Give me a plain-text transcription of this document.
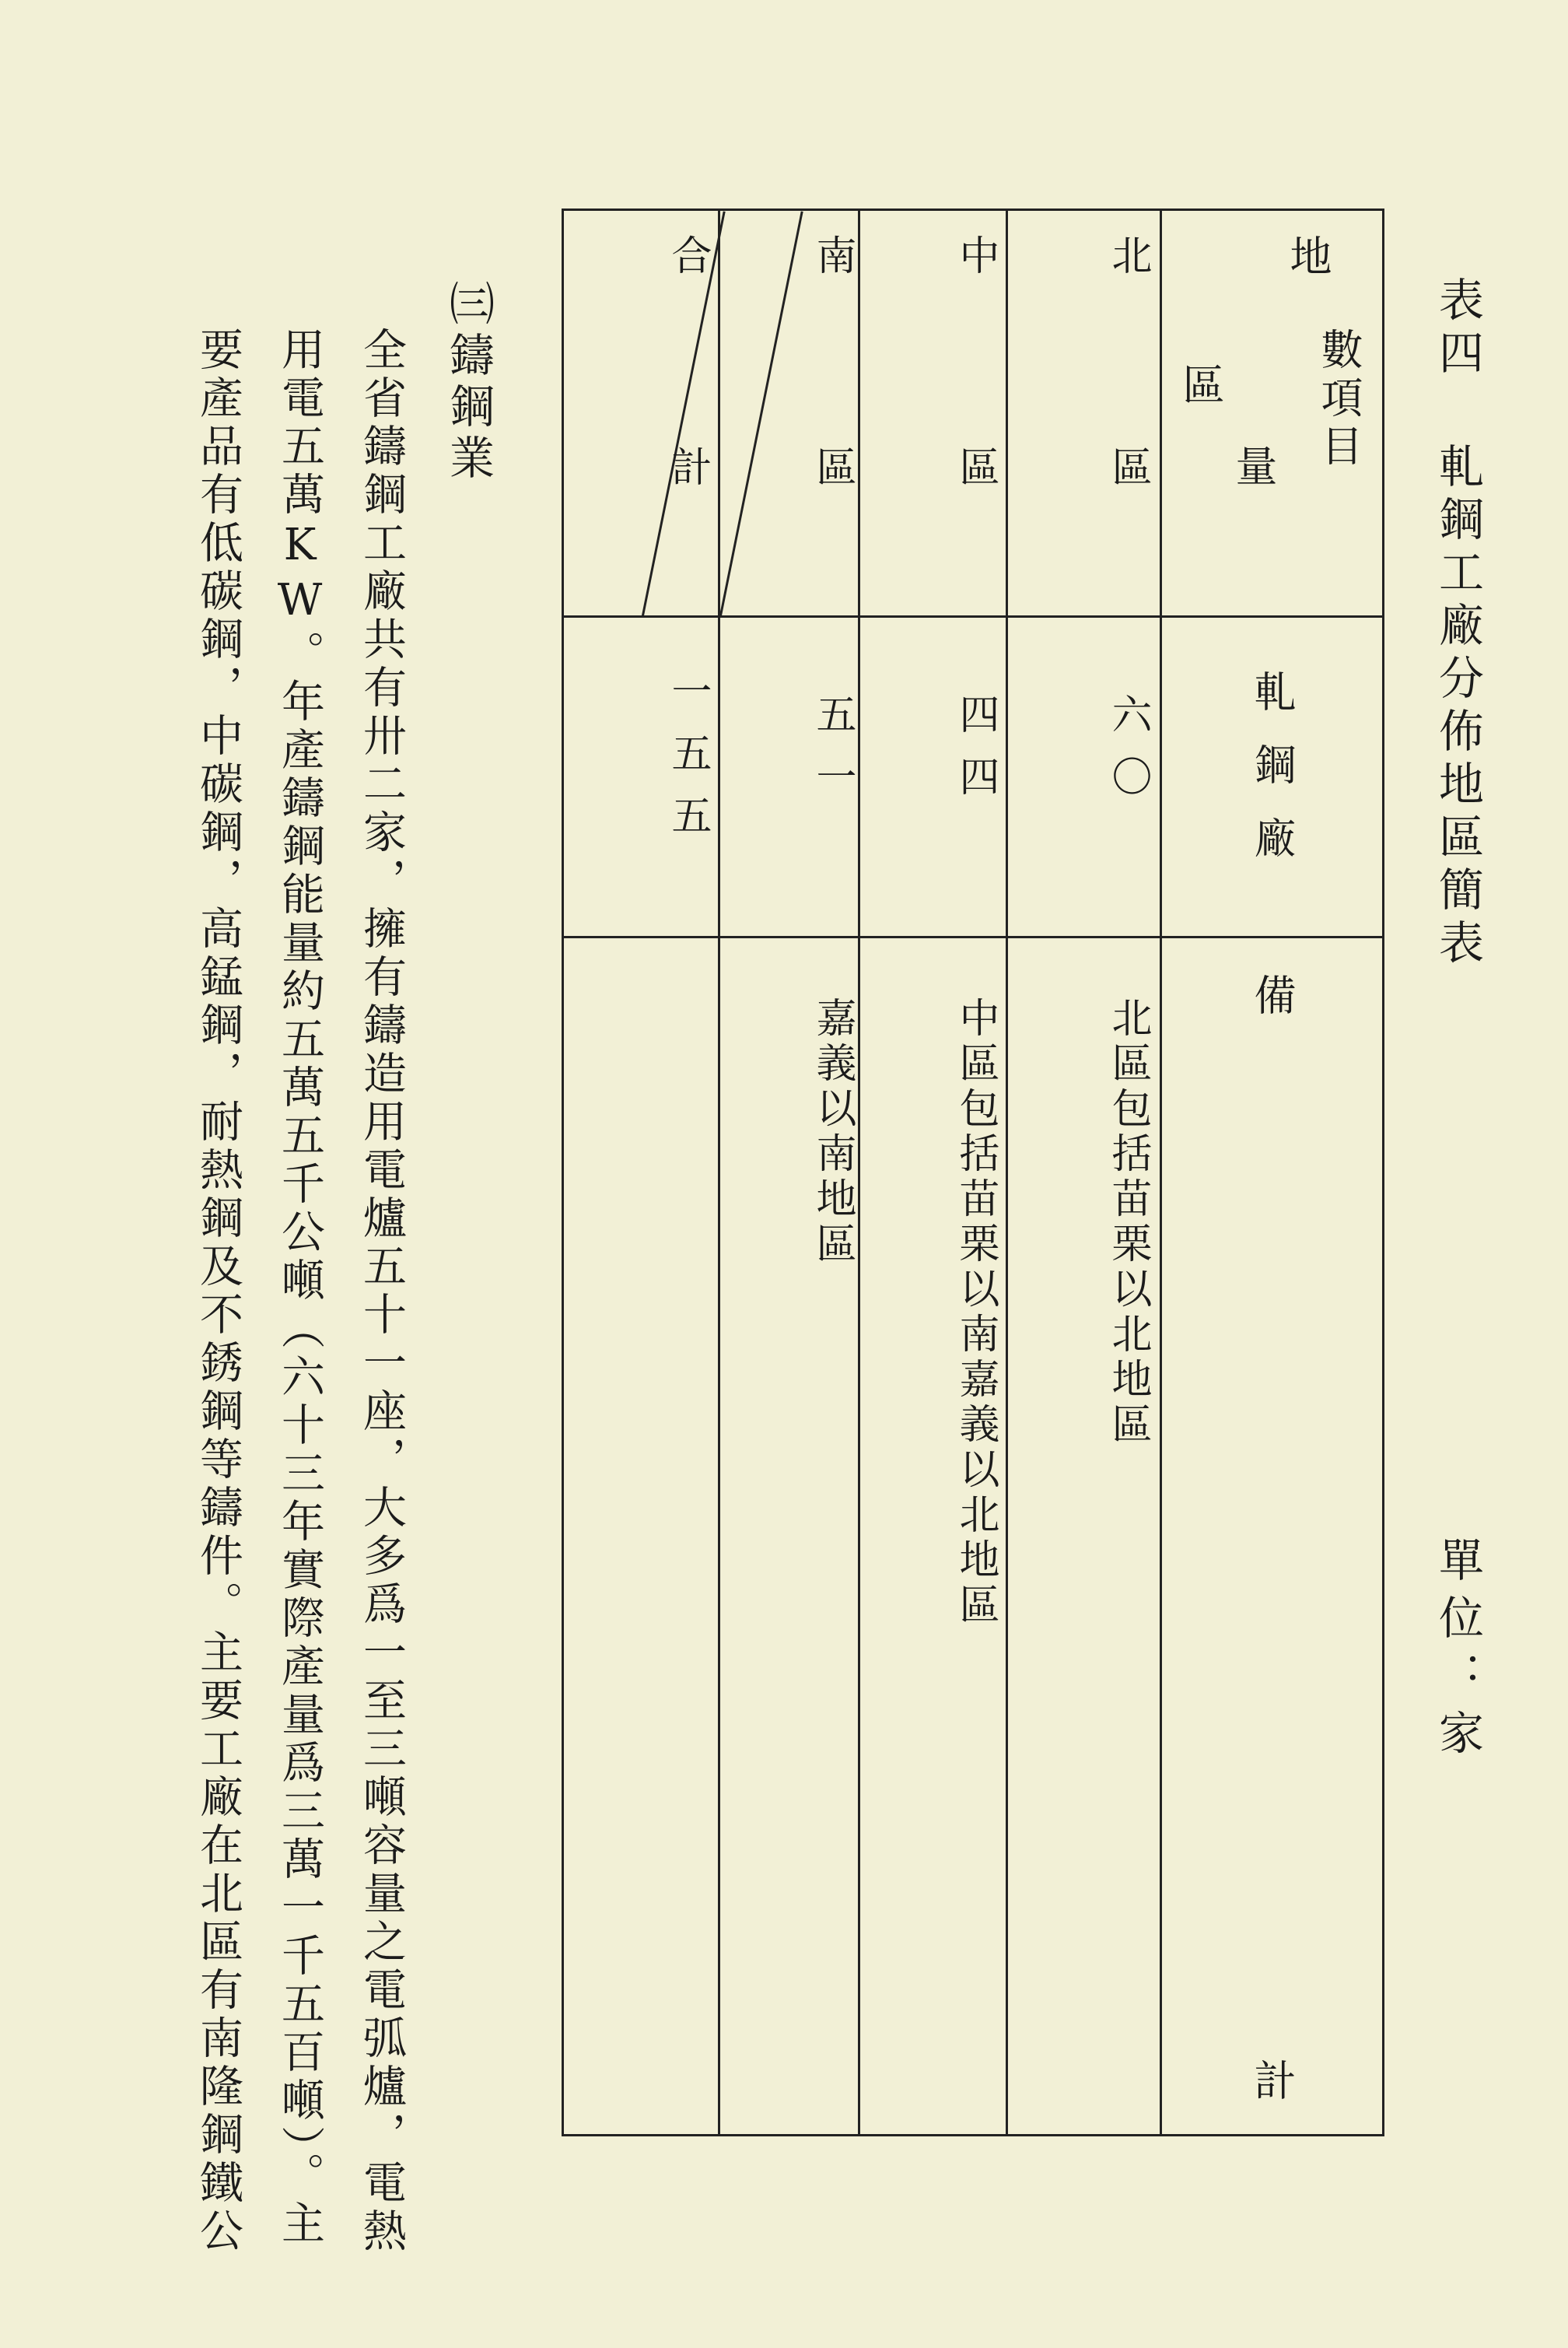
表四 軋鋼工廠分佈地區簡表
單位：家
地
數項目
區
量
軋鋼廠
備
計
北區
六〇
北區包括苗栗以北地區
中區
四四
中區包括苗栗以南嘉義以北地區
南區
五一
嘉義以南地區
合計
一五五
㈢鑄鋼業
全省鑄鋼工廠共有卅二家，擁有鑄造用電爐五十一座，大多爲一至三噸容量之電弧爐，電熱
用電五萬KW。年產鑄鋼能量約五萬五千公噸（六十三年實際產量爲三萬一千五百噸）。主
要產品有低碳鋼，中碳鋼，高錳鋼，耐熱鋼及不銹鋼等鑄件。主要工廠在北區有南隆鋼鐵公
